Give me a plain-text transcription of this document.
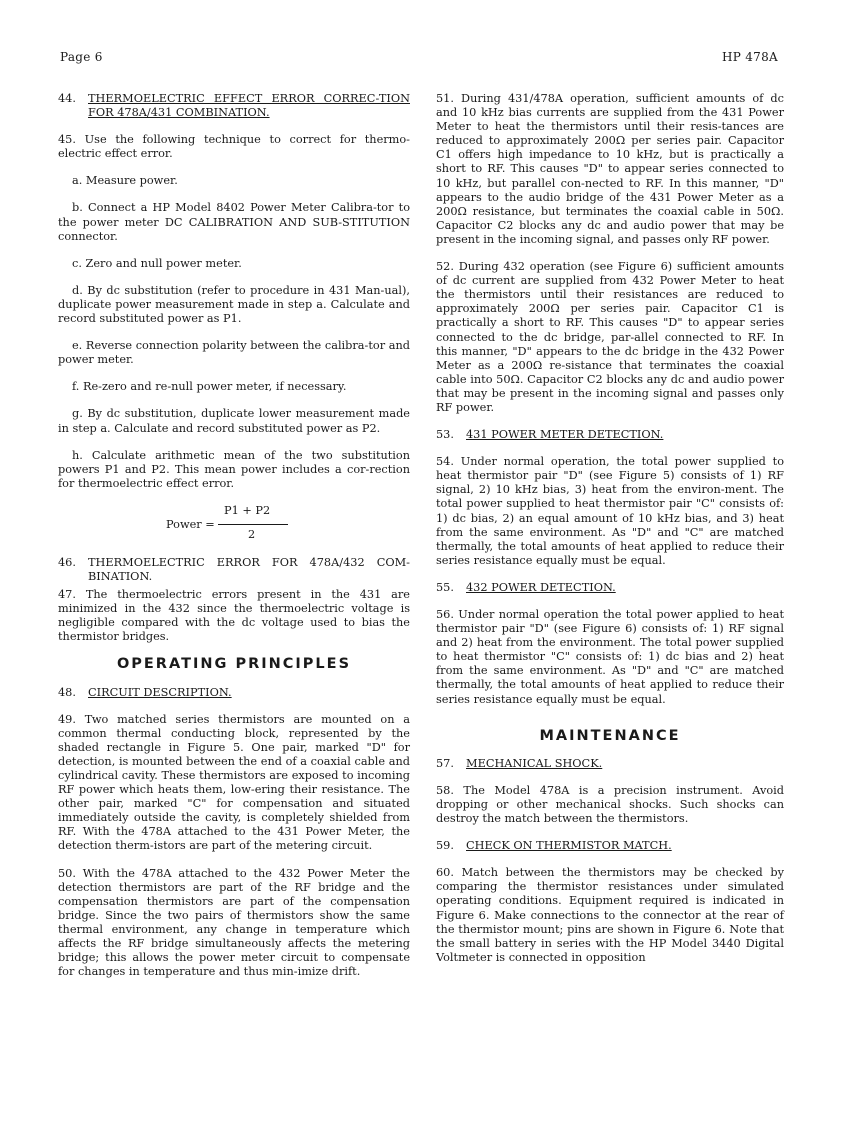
Page 6	HP 478A

44. THERMOELECTRIC EFFECT ERROR CORREC-TION FOR 478A/431 COMBINATION.

45. Use the following technique to correct for thermo-electric effect error.

a. Measure power.

b. Connect a HP Model 8402 Power Meter Calibra-tor to the power meter DC CALIBRATION AND SUB-STITUTION connector.

c. Zero and null power meter.

d. By dc substitution (refer to procedure in 431 Man-ual), duplicate power measurement made in step a. Calculate and record substituted power as P1.

e. Reverse connection polarity between the calibra-tor and power meter.

f. Re-zero and re-null power meter, if necessary.

g. By dc substitution, duplicate lower measurement made in step a. Calculate and record substituted power as P2.

h. Calculate arithmetic mean of the two substitution powers P1 and P2. This mean power includes a cor-rection for thermoelectric effect error.

Power =
P1 + P2
2

46. THERMOELECTRIC ERROR FOR 478A/432 COM-BINATION.

47. The thermoelectric errors present in the 431 are minimized in the 432 since the thermoelectric voltage is negligible compared with the dc voltage used to bias the thermistor bridges.

OPERATING PRINCIPLES

48. CIRCUIT DESCRIPTION.

49. Two matched series thermistors are mounted on a common thermal conducting block, represented by the shaded rectangle in Figure 5. One pair, marked "D" for detection, is mounted between the end of a coaxial cable and cylindrical cavity. These thermistors are exposed to incoming RF power which heats them, low-ering their resistance. The other pair, marked "C" for compensation and situated immediately outside the cavity, is completely shielded from RF. With the 478A attached to the 431 Power Meter, the detection therm-istors are part of the metering circuit.

50. With the 478A attached to the 432 Power Meter the detection thermistors are part of the RF bridge and the compensation thermistors are part of the compensation bridge. Since the two pairs of thermistors show the same thermal environment, any change in temperature which affects the RF bridge simultaneously affects the metering bridge; this allows the power meter circuit to compensate for changes in temperature and thus min-imize drift.

51. During 431/478A operation, sufficient amounts of dc and 10 kHz bias currents are supplied from the 431 Power Meter to heat the thermistors until their resis-tances are reduced to approximately 200Ω per series pair. Capacitor C1 offers high impedance to 10 kHz, but is practically a short to RF. This causes "D" to appear series connected to 10 kHz, but parallel con-nected to RF. In this manner, "D" appears to the audio bridge of the 431 Power Meter as a 200Ω resistance, but terminates the coaxial cable in 50Ω. Capacitor C2 blocks any dc and audio power that may be present in the incoming signal, and passes only RF power.

52. During 432 operation (see Figure 6) sufficient amounts of dc current are supplied from 432 Power Meter to heat the thermistors until their resistances are reduced to approximately 200Ω per series pair. Capacitor C1 is practically a short to RF. This causes "D" to appear series connected to the dc bridge, par-allel connected to RF. In this manner, "D" appears to the dc bridge in the 432 Power Meter as a 200Ω re-sistance that terminates the coaxial cable into 50Ω. Capacitor C2 blocks any dc and audio power that may be present in the incoming signal and passes only RF power.

53. 431 POWER METER DETECTION.

54. Under normal operation, the total power supplied to heat thermistor pair "D" (see Figure 5) consists of 1) RF signal, 2) 10 kHz bias, 3) heat from the environ-ment. The total power supplied to heat thermistor pair "C" consists of: 1) dc bias, 2) an equal amount of 10 kHz bias, and 3) heat from the same environment. As "D" and "C" are matched thermally, the total amounts of heat applied to reduce their series resistance equally must be equal.

55. 432 POWER DETECTION.

56. Under normal operation the total power applied to heat thermistor pair "D" (see Figure 6) consists of: 1) RF signal and 2) heat from the environment. The total power supplied to heat thermistor "C" consists of: 1) dc bias and 2) heat from the same environment. As "D" and "C" are matched thermally, the total amounts of heat applied to reduce their series resistance equally must be equal.

MAINTENANCE

57. MECHANICAL SHOCK.

58. The Model 478A is a precision instrument. Avoid dropping or other mechanical shocks. Such shocks can destroy the match between the thermistors.

59. CHECK ON THERMISTOR MATCH.

60. Match between the thermistors may be checked by comparing the thermistor resistances under simulated operating conditions. Equipment required is indicated in Figure 6. Make connections to the connector at the rear of the thermistor mount; pins are shown in Figure 6. Note that the small battery in series with the HP Model 3440 Digital Voltmeter is connected in opposition
